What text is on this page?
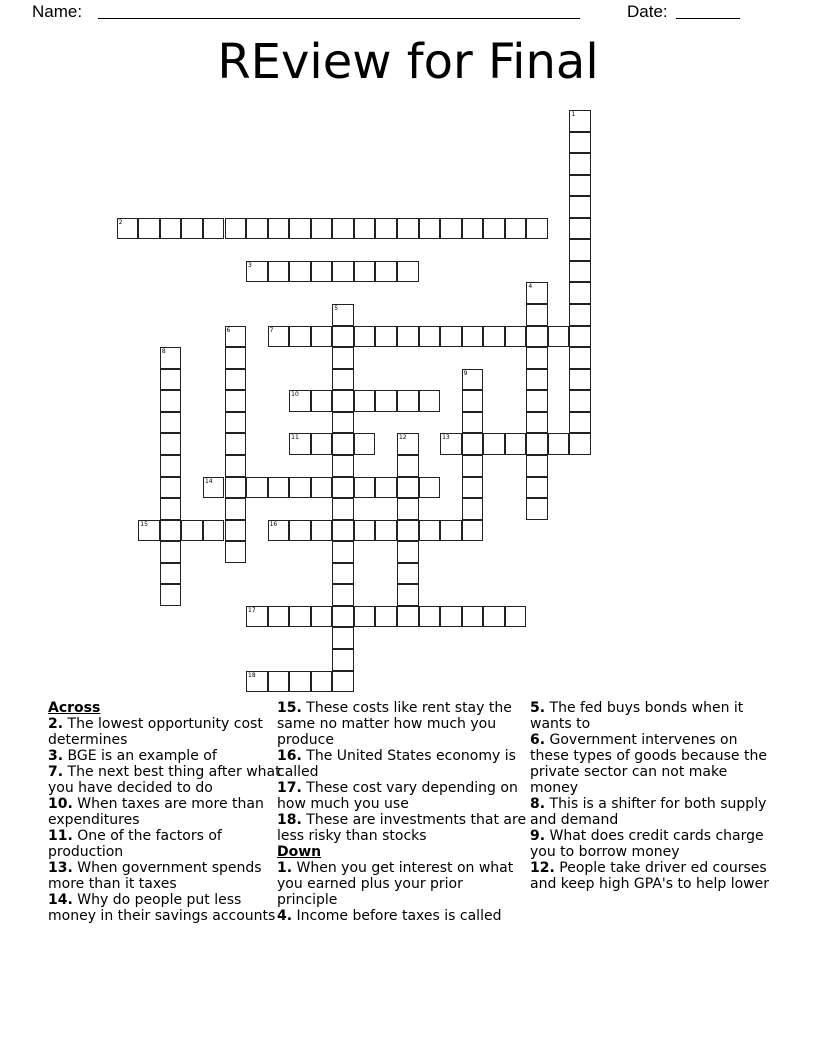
Name:	Date:
REview for Final
1
2
3
4
5
6	7
8
9
10
11	12	13
14
15	16
17
18
Across
2. The lowest opportunity cost determines
3. BGE is an example of
7. The next best thing after what you have decided to do
10. When taxes are more than expenditures
11. One of the factors of production
13. When government spends more than it taxes
14. Why do people put less money in their savings accounts
15. These costs like rent stay the same no matter how much you produce
16. The United States economy is called
17. These cost vary depending on how much you use
18. These are investments that are less risky than stocks
Down
1. When you get interest on what you earned plus your prior principle
4. Income before taxes is called
5. The fed buys bonds when it wants to
6. Government intervenes on these types of goods because the private sector can not make money
8. This is a shifter for both supply and demand
9. What does credit cards charge you to borrow money
12. People take driver ed courses and keep high GPA's to help lower
